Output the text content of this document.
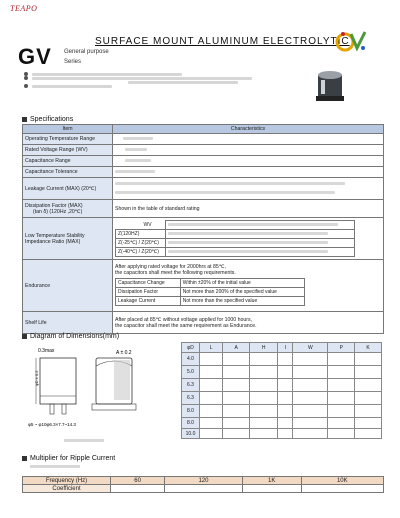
TEAPO
SURFACE MOUNT ALUMINUM ELECTROLYTIC
GV General purpose
Series
Specifications
Item	Characteristics
Operating Temperature Range	
Rated Voltage Range (WV)	
Capacitance Range	
Capacitance Tolerance	
Leakage Current (MAX) (20℃)	

Dissipation Factor (MAX)
(tan δ) (120Hz ,20℃)	Shown in the table of standard rating

Low Temperature Stability
Impedance Ratio (MAX)

WV	
Z(120HZ)	
Z(-25℃) / Z(20℃)	
Z(-40℃) / Z(20℃)	

Endurance	
After applying rated voltage for 2000hrs at 85℃,
the capacitors shall meet the following requirements.
Capacitance Change	Within ±20% of the initial value
Dissipation Factor	Not more than 200% of the specified value
Leakage Current	Not more than the specified value

Shelf Life	After placed at 85℃ without voltage applied for 1000 hours,
the capacitor shall meet the same requirement as Endurance.
Diagram of Dimensions(mm)
0.3max	A ± 0.2
φD ± 0.5
φ5 ~ φ10φ6.3×7.7~14.3
φD	L	A	H	I	W	P	K
4.0							
5.0							
6.3							
6.3							
8.0							
8.0							
10.0							
Multiplier for Ripple Current
Frequency (Hz)	60	120	1K	10K
Coefficient				
